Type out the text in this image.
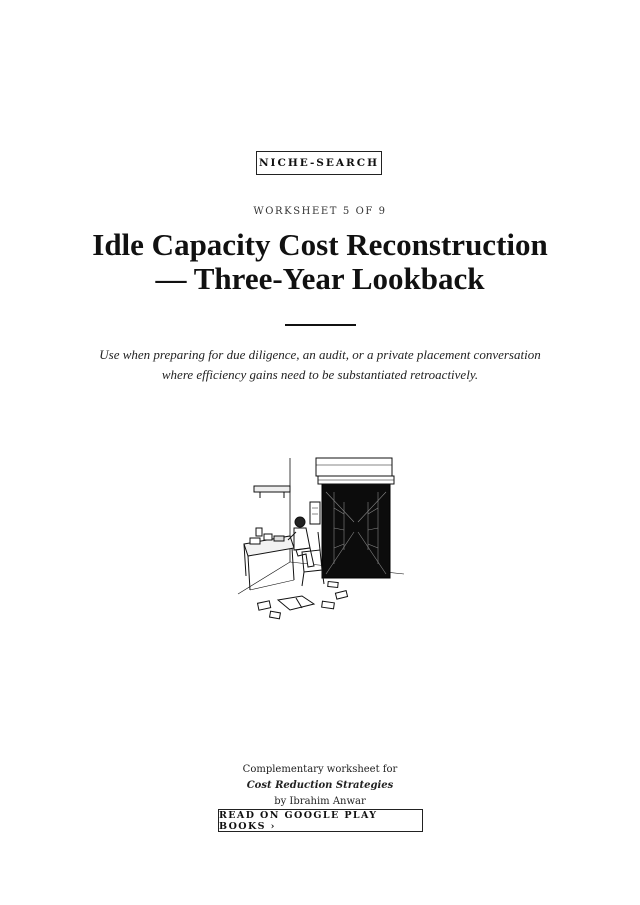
NICHE-SEARCH
WORKSHEET 5 OF 9
Idle Capacity Cost Reconstruction
— Three-Year Lookback

Use when preparing for due diligence, an audit, or a private placement conversation
where efficiency gains need to be substantiated retroactively.

Complementary worksheet for
Cost Reduction Strategies
by Ibrahim Anwar
READ ON GOOGLE PLAY BOOKS ›
